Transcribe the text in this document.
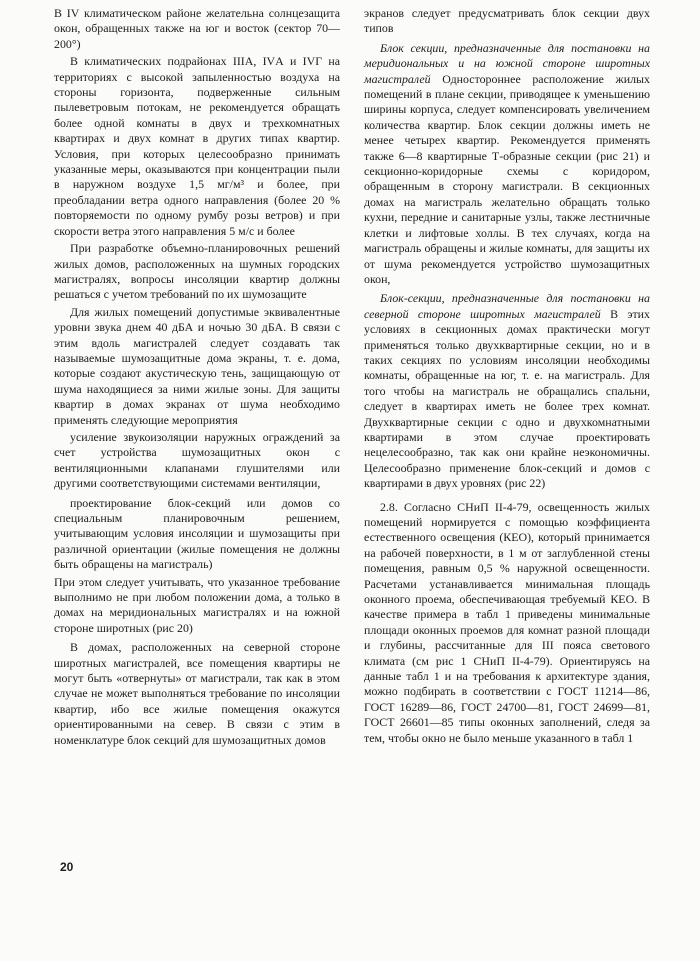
В IV климатическом районе желательна солнцезащита окон, обращенных также на юг и восток (сектор 70—200°)

В климатических подрайонах IIIА, IVА и IVГ на территориях с высокой запыленностью воздуха на стороны горизонта, подверженные сильным пылеветровым потокам, не рекомендуется обращать более одной комнаты в двух и трехкомнатных квартирах и двух комнат в других типах квартир. Условия, при которых целесообразно принимать указанные меры, оказываются при концентрации пыли в наружном воздухе 1,5 мг/м³ и более, при преобладании ветра одного направления (более 20 % повторяемости по одному румбу розы ветров) и при скорости ветра этого направления 5 м/с и более

При разработке объемно-планировочных решений жилых домов, расположенных на шумных городских магистралях, вопросы инсоляции квартир должны решаться с учетом требований по их шумозащите

Для жилых помещений допустимые эквивалентные уровни звука днем 40 дБА и ночью 30 дБА. В связи с этим вдоль магистралей следует создавать так называемые шумозащитные дома экраны, т. е. дома, которые создают акустическую тень, защищающую от шума находящиеся за ними жилые зоны. Для защиты квартир в домах экранах от шума необходимо применять следующие мероприятия

усиление звукоизоляции наружных ограждений за счет устройства шумозащитных окон с вентиляционными клапанами глушителями или другими соответствующими системами вентиляции,

проектирование блок-секций или домов со специальным планировочным решением, учитывающим условия инсоляции и шумозащиты при различной ориентации (жилые помещения не должны быть обращены на магистраль)

При этом следует учитывать, что указанное требование выполнимо не при любом положении дома, а только в домах на меридиональных магистралях и на южной стороне широтных (рис 20)

В домах, расположенных на северной стороне широтных магистралей, все помещения квартиры не могут быть «отвернуты» от магистрали, так как в этом случае не может выполняться требование по инсоляции квартир, ибо все жилые помещения окажутся ориентированными на север. В связи с этим в номенклатуре блок секций для шумозащитных домов

экранов следует предусматривать блок секции двух типов

Блок секции, предназначенные для постановки на меридиональных и на южной стороне широтных магистралей Одностороннее расположение жилых помещений в плане секции, приводящее к уменьшению ширины корпуса, следует компенсировать увеличением количества квартир. Блок секции должны иметь не менее четырех квартир. Рекомендуется применять также 6—8 квартирные Т-образные секции (рис 21) и секционно-коридорные схемы с коридором, обращенным в сторону магистрали. В секционных домах на магистраль желательно обращать только кухни, передние и санитарные узлы, также лестничные клетки и лифтовые холлы. В тех случаях, когда на магистраль обращены и жилые комнаты, для защиты их от шума рекомендуется устройство шумозащитных окон,

Блок-секции, предназначенные для постановки на северной стороне широтных магистралей В этих условиях в секционных домах практически могут применяться только двухквартирные секции, но и в таких секциях по условиям инсоляции необходимы комнаты, обращенные на юг, т. е. на магистраль. Для того чтобы на магистраль не обращались спальни, следует в квартирах иметь не более трех комнат. Двухквартирные секции с одно и двухкомнатными квартирами в этом случае проектировать нецелесообразно, так как они крайне неэкономичны. Целесообразно применение блок-секций и домов с квартирами в двух уровнях (рис 22)

2.8. Согласно СНиП II-4-79, освещенность жилых помещений нормируется с помощью коэффициента естественного освещения (КЕО), который принимается на рабочей поверхности, в 1 м от заглубленной стены помещения, равным 0,5 % наружной освещенности. Расчетами устанавливается минимальная площадь оконного проема, обеспечивающая требуемый КЕО. В качестве примера в табл 1 приведены минимальные площади оконных проемов для комнат разной площади и глубины, рассчитанные для III пояса светового климата (см рис 1 СНиП II-4-79). Ориентируясь на данные табл 1 и на требования к архитектуре здания, можно подбирать в соответствии с ГОСТ 11214—86, ГОСТ 16289—86, ГОСТ 24700—81, ГОСТ 24699—81, ГОСТ 26601—85 типы оконных заполнений, следя за тем, чтобы окно не было меньше указанного в табл 1

20
